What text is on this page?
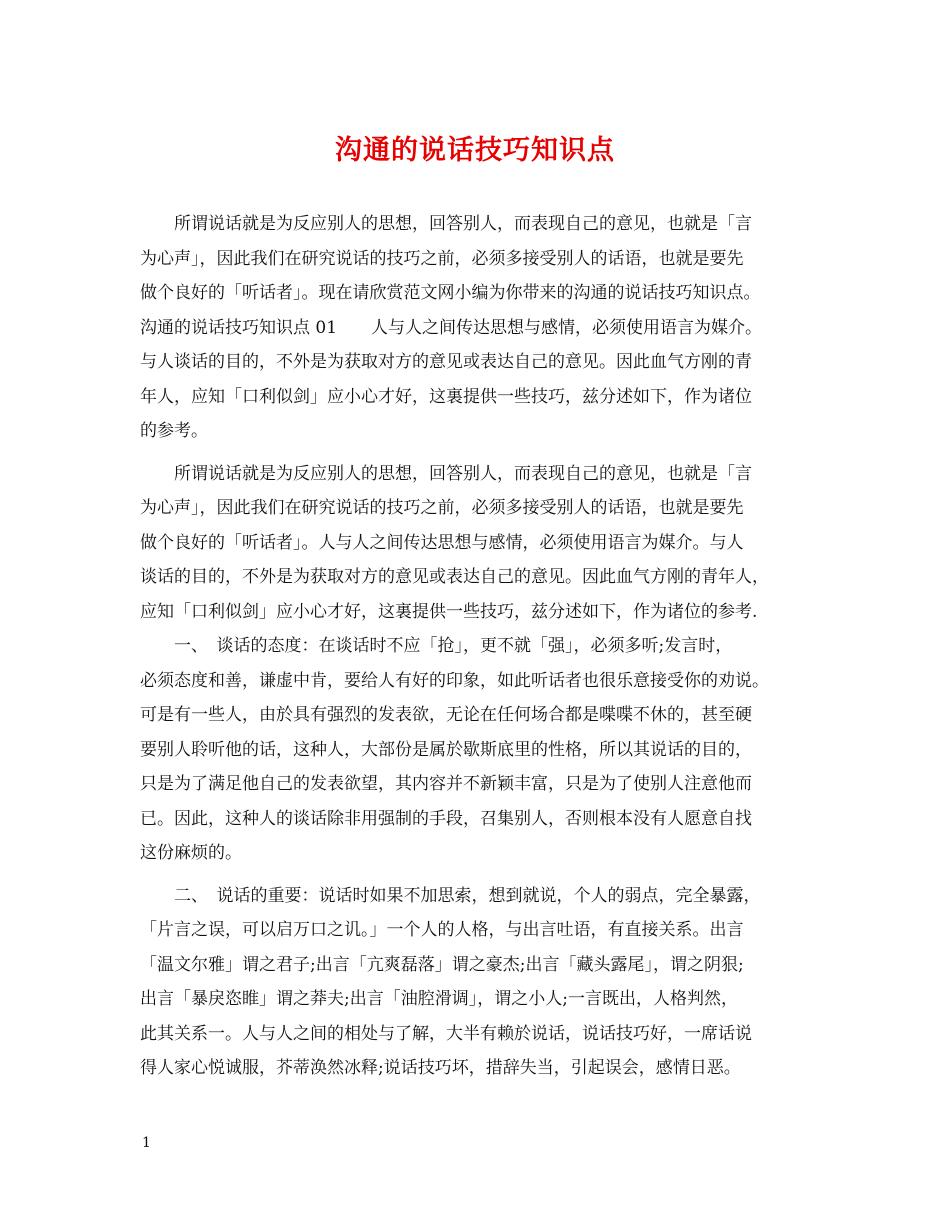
沟通的说话技巧知识点
　　所谓说话就是为反应别人的思想，回答别人，而表现自己的意见，也就是「言
为心声」，因此我们在研究说话的技巧之前，必须多接受别人的话语，也就是要先
做个良好的「听话者」。现在请欣赏范文网小编为你带来的沟通的说话技巧知识点。
沟通的说话技巧知识点 01　　人与人之间传达思想与感情，必须使用语言为媒介。
与人谈话的目的，不外是为获取对方的意见或表达自己的意见。因此血气方刚的青
年人，应知「口利似剑」应小心才好，这裏提供一些技巧，兹分述如下，作为诸位
的参考。
　　所谓说话就是为反应别人的思想，回答别人，而表现自己的意见，也就是「言
为心声」，因此我们在研究说话的技巧之前，必须多接受别人的话语，也就是要先
做个良好的「听话者」。人与人之间传达思想与感情，必须使用语言为媒介。与人
谈话的目的，不外是为获取对方的意见或表达自己的意见。因此血气方刚的青年人，
应知「口利似剑」应小心才好，这裏提供一些技巧，兹分述如下，作为诸位的参考.
　　一、　谈话的态度：在谈话时不应「抢」，更不就「强」，必须多听;发言时，
必须态度和善，谦虚中肯，要给人有好的印象，如此听话者也很乐意接受你的劝说。
可是有一些人，由於具有强烈的发表欲，无论在任何场合都是喋喋不休的，甚至硬
要别人聆听他的话，这种人，大部份是属於歇斯底里的性格，所以其说话的目的，
只是为了满足他自己的发表欲望，其内容并不新颖丰富，只是为了使别人注意他而
已。因此，这种人的谈话除非用强制的手段，召集别人，否则根本没有人愿意自找
这份麻烦的。
　　二、　说话的重要：说话时如果不加思索，想到就说，个人的弱点，完全暴露，
「片言之误，可以启万口之讥。」一个人的人格，与出言吐语，有直接关系。出言
「温文尔雅」谓之君子;出言「亢爽磊落」谓之豪杰;出言「藏头露尾」，谓之阴狠;
出言「暴戾恣睢」谓之莽夫;出言「油腔滑调」，谓之小人;一言既出，人格判然，
此其关系一。人与人之间的相处与了解，大半有赖於说话，说话技巧好，一席话说
得人家心悦诚服，芥蒂涣然冰释;说话技巧坏，措辞失当，引起误会，感情日恶。
1
